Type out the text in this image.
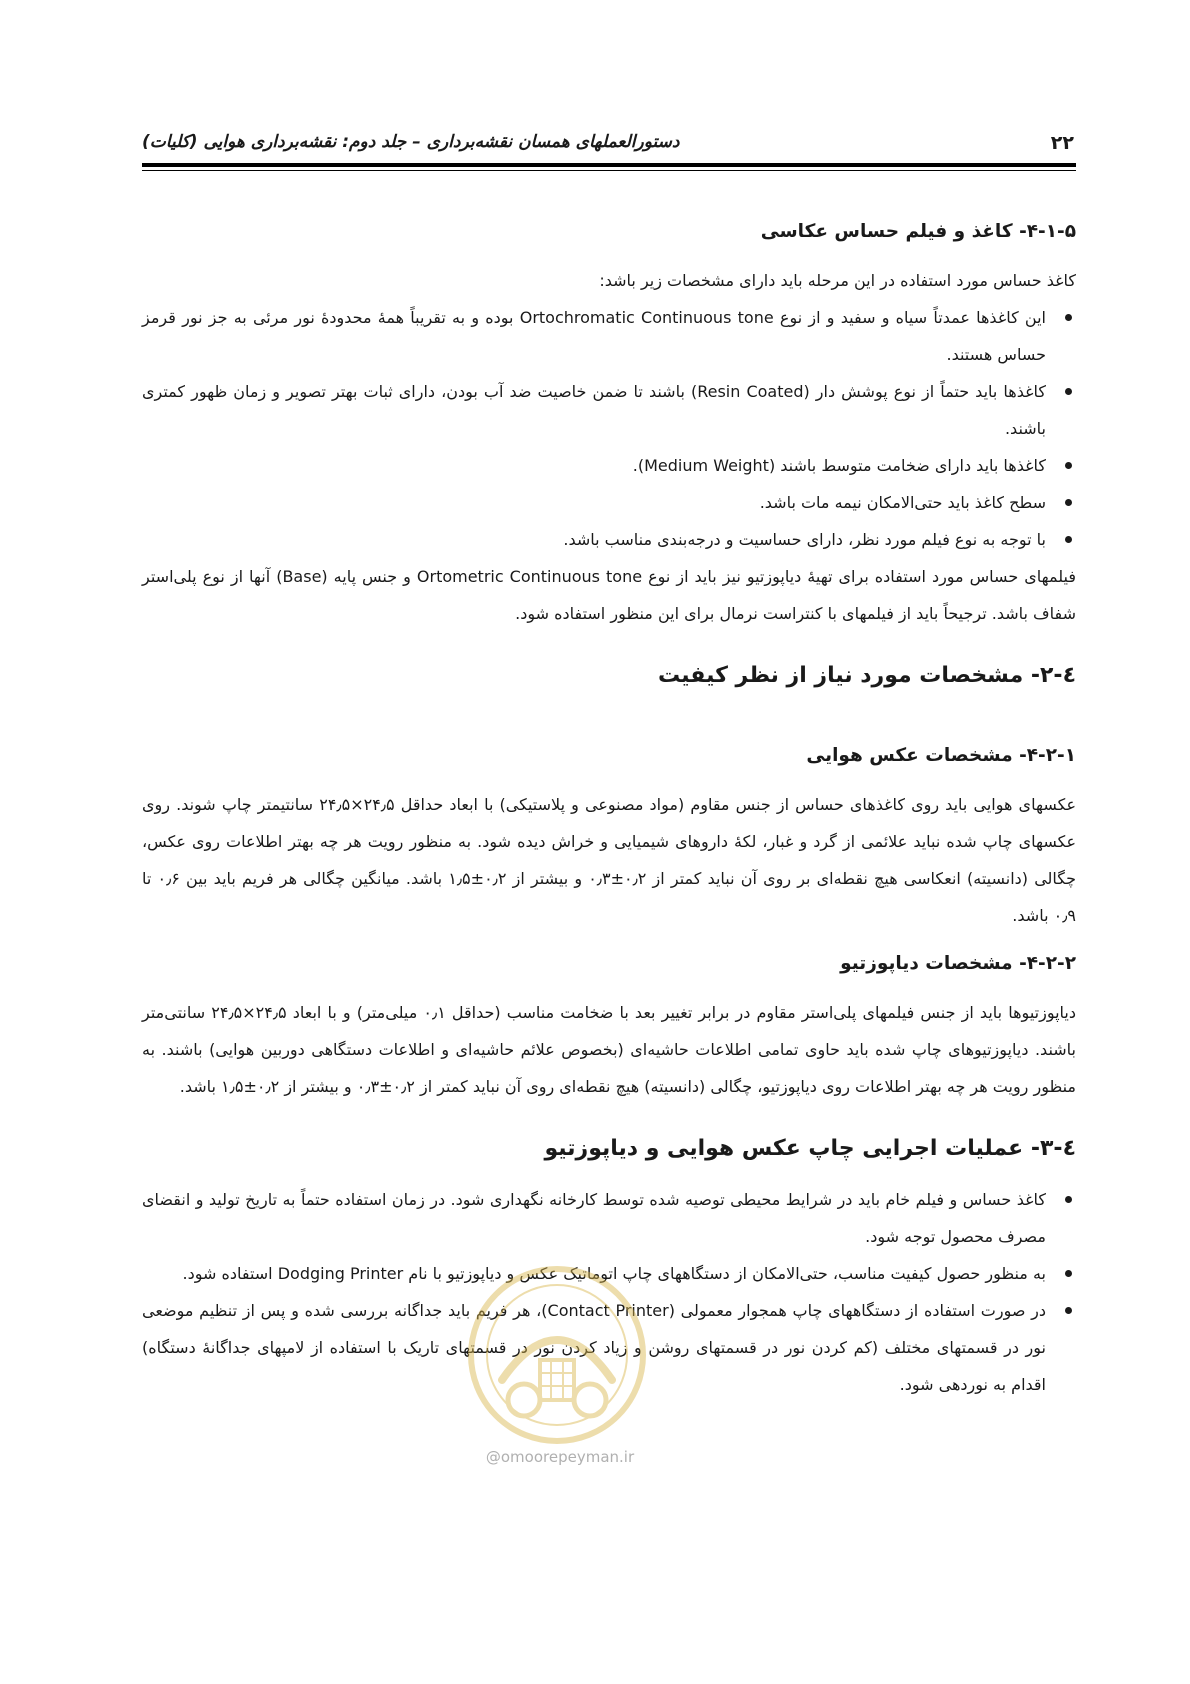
دستورالعملهای همسان نقشه‌برداری – جلد دوم: نقشه‌برداری هوایی (کلیات)	۲۲
۴-۱-۵- کاغذ و فیلم حساس عکاسی

کاغذ حساس مورد استفاده در این مرحله باید دارای مشخصات زیر باشد:

این کاغذها عمدتاً سیاه و سفید و از نوع Ortochromatic Continuous tone بوده و به تقریباً همهٔ محدودهٔ نور مرئی به جز نور قرمز حساس هستند.
کاغذها باید حتماً از نوع پوشش دار (Resin Coated) باشند تا ضمن خاصیت ضد آب بودن، دارای ثبات بهتر تصویر و زمان ظهور کمتری باشند.
کاغذها باید دارای ضخامت متوسط باشند (Medium Weight).
سطح کاغذ باید حتی‌الامکان نیمه مات باشد.
با توجه به نوع فیلم مورد نظر، دارای حساسیت و درجه‌بندی مناسب باشد.

فیلمهای حساس مورد استفاده برای تهیهٔ دیاپوزتیو نیز باید از نوع Ortometric Continuous tone و جنس پایه (Base) آنها از نوع پلی‌استر شفاف باشد. ترجیحاً باید از فیلمهای با کنتراست نرمال برای این منظور استفاده شود.

٤-۲- مشخصات مورد نیاز از نظر کیفیت
۴-۲-۱- مشخصات عکس هوایی

عکسهای هوایی باید روی کاغذهای حساس از جنس مقاوم (مواد مصنوعی و پلاستیکی) با ابعاد حداقل ۲۴٫۵×۲۴٫۵ سانتیمتر چاپ شوند. روی عکسهای چاپ شده نباید علائمی از گرد و غبار، لکهٔ داروهای شیمیایی و خراش دیده شود. به منظور رویت هر چه بهتر اطلاعات روی عکس، چگالی (دانسیته) انعکاسی هیچ نقطه‌ای بر روی آن نباید کمتر از ۰٫۲±۰٫۳ و بیشتر از ۰٫۲±۱٫۵ باشد. میانگین چگالی هر فریم باید بین ۰٫۶ تا ۰٫۹ باشد.

۴-۲-۲- مشخصات دیاپوزتیو

دیاپوزتیوها باید از جنس فیلمهای پلی‌استر مقاوم در برابر تغییر بعد با ضخامت مناسب (حداقل ۰٫۱ میلی‌متر) و با ابعاد ۲۴٫۵×۲۴٫۵ سانتی‌متر باشند. دیاپوزتیوهای چاپ شده باید حاوی تمامی اطلاعات حاشیه‌ای (بخصوص علائم حاشیه‌ای و اطلاعات دستگاهی دوربین هوایی) باشند. به منظور رویت هر چه بهتر اطلاعات روی دیاپوزتیو، چگالی (دانسیته) هیچ نقطه‌ای روی آن نباید کمتر از ۰٫۲±۰٫۳ و بیشتر از ۰٫۲±۱٫۵ باشد.

٤-۳- عملیات اجرایی چاپ عکس هوایی و دیاپوزتیو
کاغذ حساس و فیلم خام باید در شرایط محیطی توصیه شده توسط کارخانه نگهداری شود. در زمان استفاده حتماً به تاریخ تولید و انقضای مصرف محصول توجه شود.
به منظور حصول کیفیت مناسب، حتی‌الامکان از دستگاههای چاپ اتوماتیک عکس و دیاپوزتیو با نام Dodging Printer استفاده شود.
در صورت استفاده از دستگاههای چاپ همجوار معمولی (Contact Printer)، هر فریم باید جداگانه بررسی شده و پس از تنظیم موضعی نور در قسمتهای مختلف (کم کردن نور در قسمتهای روشن و زیاد کردن نور در قسمتهای تاریک با استفاده از لامپهای جداگانهٔ دستگاه) اقدام به نوردهی شود.
@omoorepeyman.ir
